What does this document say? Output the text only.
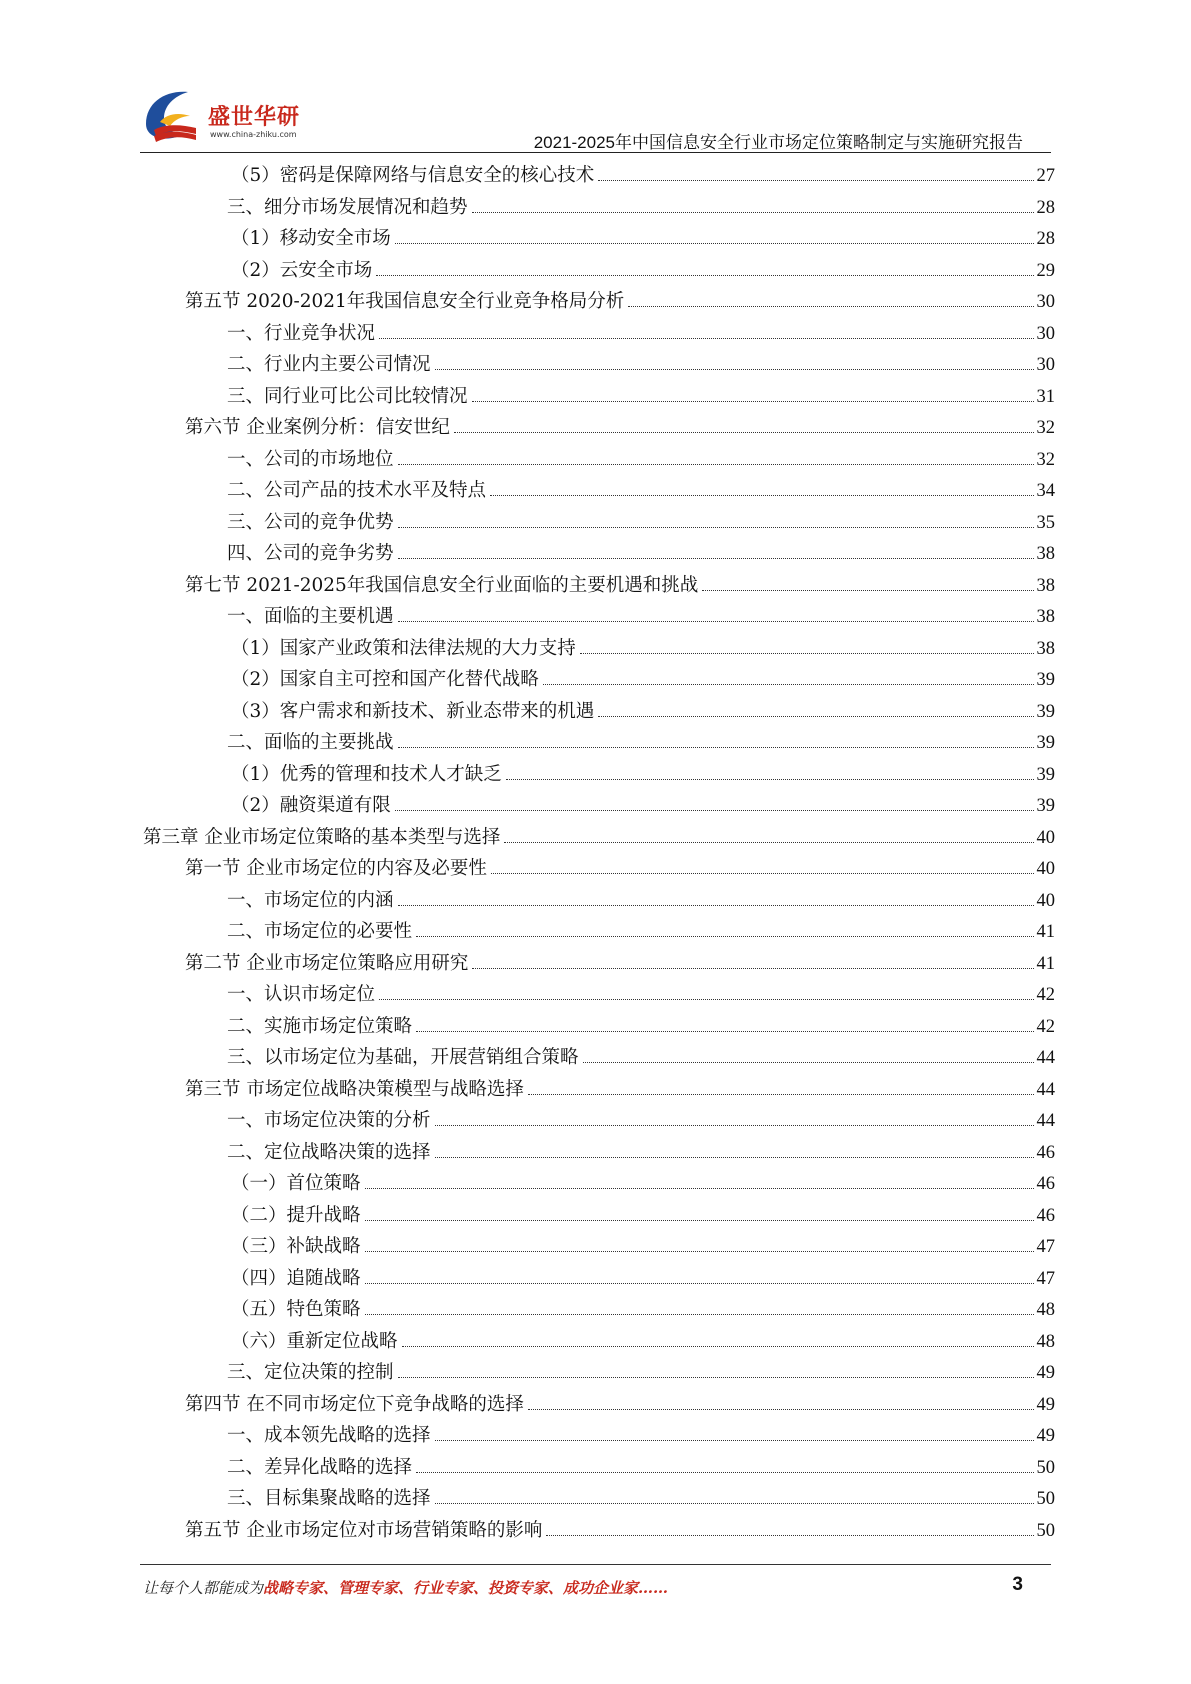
盛世华研
www.china-zhiku.com	2021-2025年中国信息安全行业市场定位策略制定与实施研究报告
（5）密码是保障网络与信息安全的核心技术	27
三、细分市场发展情况和趋势	28
（1）移动安全市场	28
（2）云安全市场	29
第五节 2020-2021年我国信息安全行业竞争格局分析	30
一、行业竞争状况	30
二、行业内主要公司情况	30
三、同行业可比公司比较情况	31
第六节 企业案例分析：信安世纪	32
一、公司的市场地位	32
二、公司产品的技术水平及特点	34
三、公司的竞争优势	35
四、公司的竞争劣势	38
第七节 2021-2025年我国信息安全行业面临的主要机遇和挑战	38
一、面临的主要机遇	38
（1）国家产业政策和法律法规的大力支持	38
（2）国家自主可控和国产化替代战略	39
（3）客户需求和新技术、新业态带来的机遇	39
二、面临的主要挑战	39
（1）优秀的管理和技术人才缺乏	39
（2）融资渠道有限	39
第三章 企业市场定位策略的基本类型与选择	40
第一节 企业市场定位的内容及必要性	40
一、市场定位的内涵	40
二、市场定位的必要性	41
第二节 企业市场定位策略应用研究	41
一、认识市场定位	42
二、实施市场定位策略	42
三、以市场定位为基础，开展营销组合策略	44
第三节 市场定位战略决策模型与战略选择	44
一、市场定位决策的分析	44
二、定位战略决策的选择	46
（一）首位策略	46
（二）提升战略	46
（三）补缺战略	47
（四）追随战略	47
（五）特色策略	48
（六）重新定位战略	48
三、定位决策的控制	49
第四节 在不同市场定位下竞争战略的选择	49
一、成本领先战略的选择	49
二、差异化战略的选择	50
三、目标集聚战略的选择	50
第五节 企业市场定位对市场营销策略的影响	50
让每个人都能成为战略专家、管理专家、行业专家、投资专家、成功企业家……	3
